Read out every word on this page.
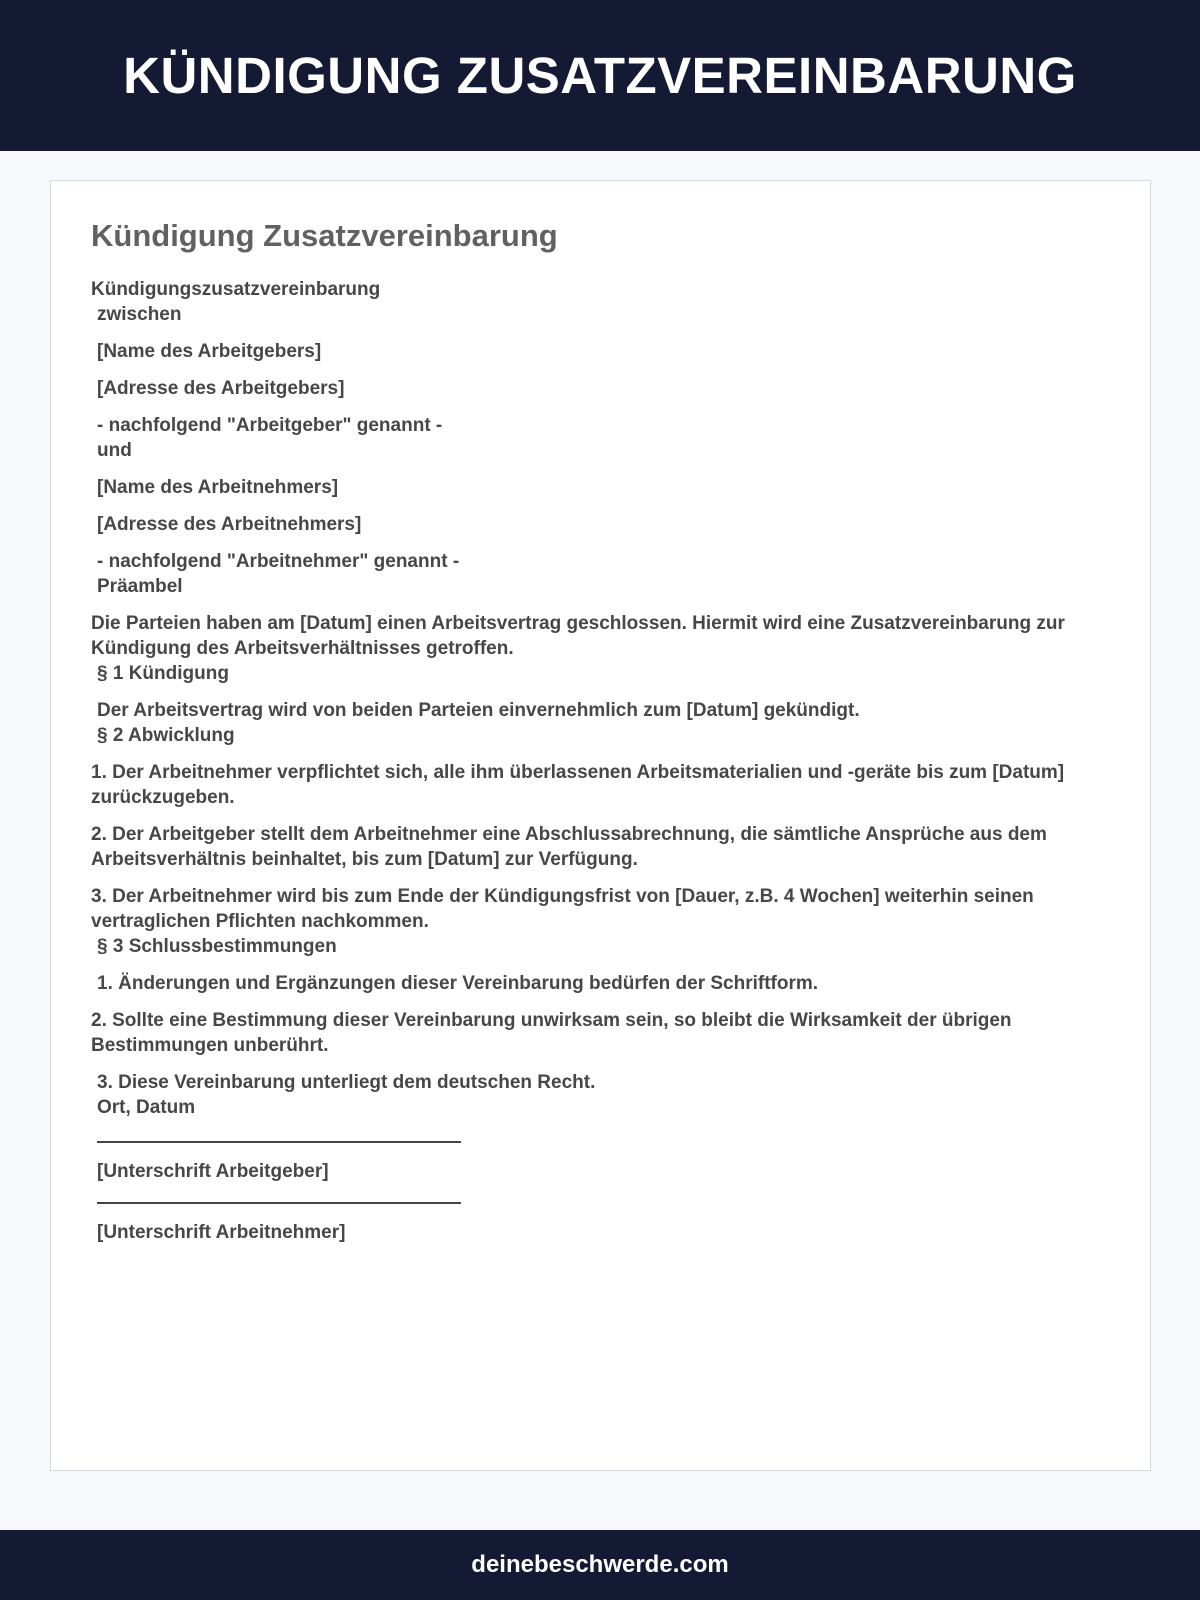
KÜNDIGUNG ZUSATZVEREINBARUNG
Kündigung Zusatzvereinbarung

Kündigungszusatzvereinbarung
zwischen

[Name des Arbeitgebers]

[Adresse des Arbeitgebers]

- nachfolgend "Arbeitgeber" genannt -
und

[Name des Arbeitnehmers]

[Adresse des Arbeitnehmers]

- nachfolgend "Arbeitnehmer" genannt -
Präambel

Die Parteien haben am [Datum] einen Arbeitsvertrag geschlossen. Hiermit wird eine Zusatzvereinbarung zur Kündigung des Arbeitsverhältnisses getroffen.
§ 1 Kündigung

Der Arbeitsvertrag wird von beiden Parteien einvernehmlich zum [Datum] gekündigt.
§ 2 Abwicklung

1. Der Arbeitnehmer verpflichtet sich, alle ihm überlassenen Arbeitsmaterialien und -geräte bis zum [Datum] zurückzugeben.

2. Der Arbeitgeber stellt dem Arbeitnehmer eine Abschlussabrechnung, die sämtliche Ansprüche aus dem Arbeitsverhältnis beinhaltet, bis zum [Datum] zur Verfügung.

3. Der Arbeitnehmer wird bis zum Ende der Kündigungsfrist von [Dauer, z.B. 4 Wochen] weiterhin seinen vertraglichen Pflichten nachkommen.
§ 3 Schlussbestimmungen

1. Änderungen und Ergänzungen dieser Vereinbarung bedürfen der Schriftform.

2. Sollte eine Bestimmung dieser Vereinbarung unwirksam sein, so bleibt die Wirksamkeit der übrigen Bestimmungen unberührt.

3. Diese Vereinbarung unterliegt dem deutschen Recht.
Ort, Datum

[Unterschrift Arbeitgeber]

[Unterschrift Arbeitnehmer]

deinebeschwerde.com
